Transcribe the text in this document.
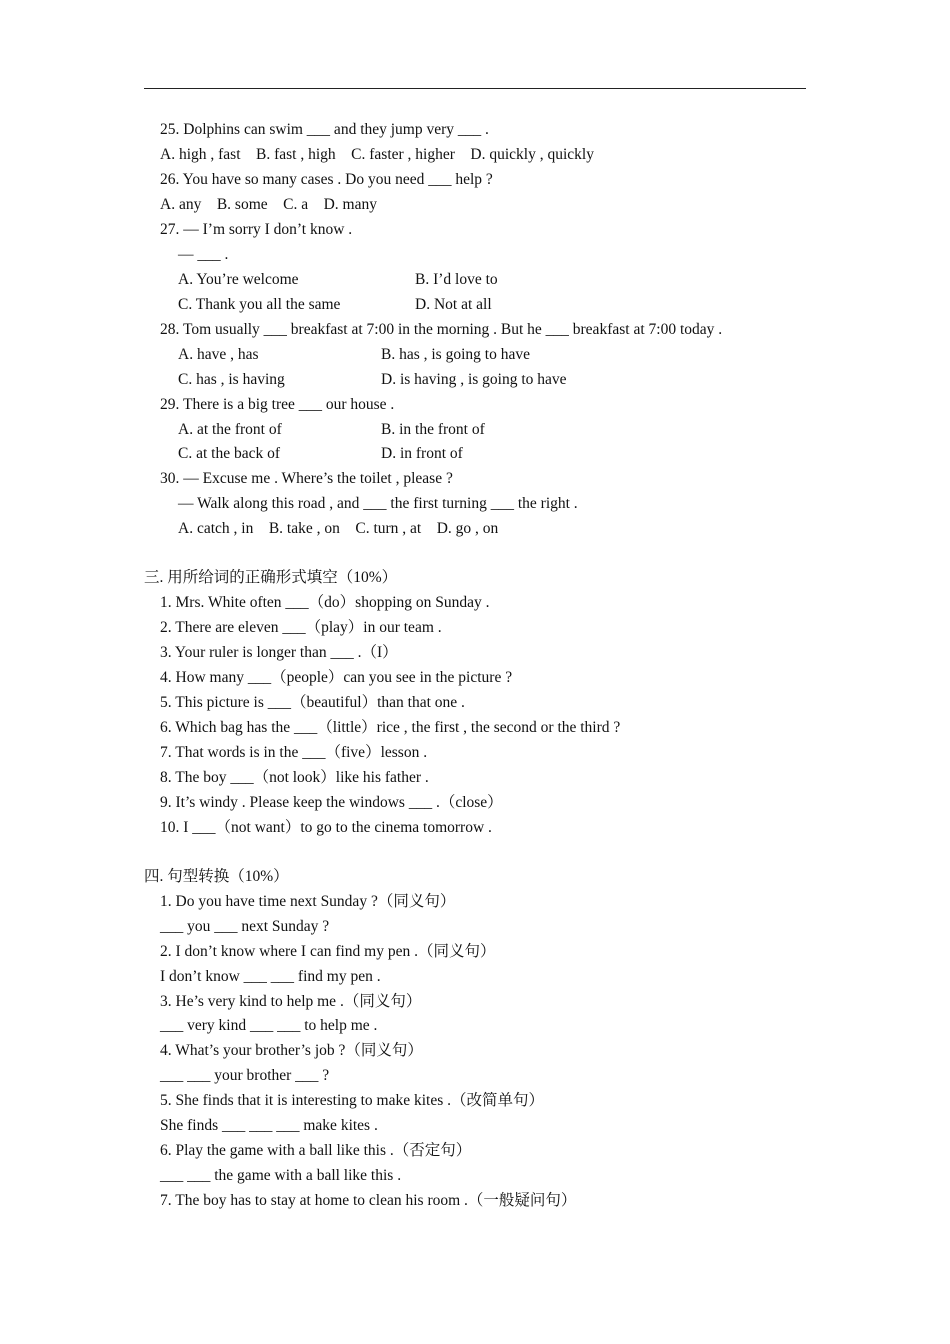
25. Dolphins can swim ___ and they jump very ___ .
A. high , fast    B. fast , high    C. faster , higher    D. quickly , quickly
26. You have so many cases . Do you need ___ help ?
A. any    B. some    C. a    D. many
27. — I’m sorry I don’t know .
— ___ .
A. You’re welcome	B. I’d love to
C. Thank you all the same	D. Not at all
28. Tom usually ___ breakfast at 7:00 in the morning . But he ___ breakfast at 7:00 today .
A. have , has	B. has , is going to have
C. has , is having	D. is having , is going to have
29. There is a big tree ___ our house .
A. at the front of	B. in the front of
C. at the back of	D. in front of
30. — Excuse me . Where’s the toilet , please ?
— Walk along this road , and ___ the first turning ___ the right .
A. catch , in    B. take , on    C. turn , at    D. go , on
三. 用所给词的正确形式填空（10%）
1. Mrs. White often ___（do）shopping on Sunday .
2. There are eleven ___（play）in our team .
3. Your ruler is longer than ___ .（I）
4. How many ___（people）can you see in the picture ?
5. This picture is ___（beautiful）than that one .
6. Which bag has the ___（little）rice , the first , the second or the third ?
7. That words is in the ___（five）lesson .
8. The boy ___（not look）like his father .
9. It’s windy . Please keep the windows ___ .（close）
10. I ___（not want）to go to the cinema tomorrow .
四. 句型转换（10%）
1. Do you have time next Sunday ?（同义句）
___ you ___ next Sunday ?
2. I don’t know where I can find my pen .（同义句）
I don’t know ___ ___ find my pen .
3. He’s very kind to help me .（同义句）
___ very kind ___ ___ to help me .
4. What’s your brother’s job ?（同义句）
___ ___ your brother ___ ?
5. She finds that it is interesting to make kites .（改简单句）
She finds ___ ___ ___ make kites .
6. Play the game with a ball like this .（否定句）
___ ___ the game with a ball like this .
7. The boy has to stay at home to clean his room .（一般疑问句）
